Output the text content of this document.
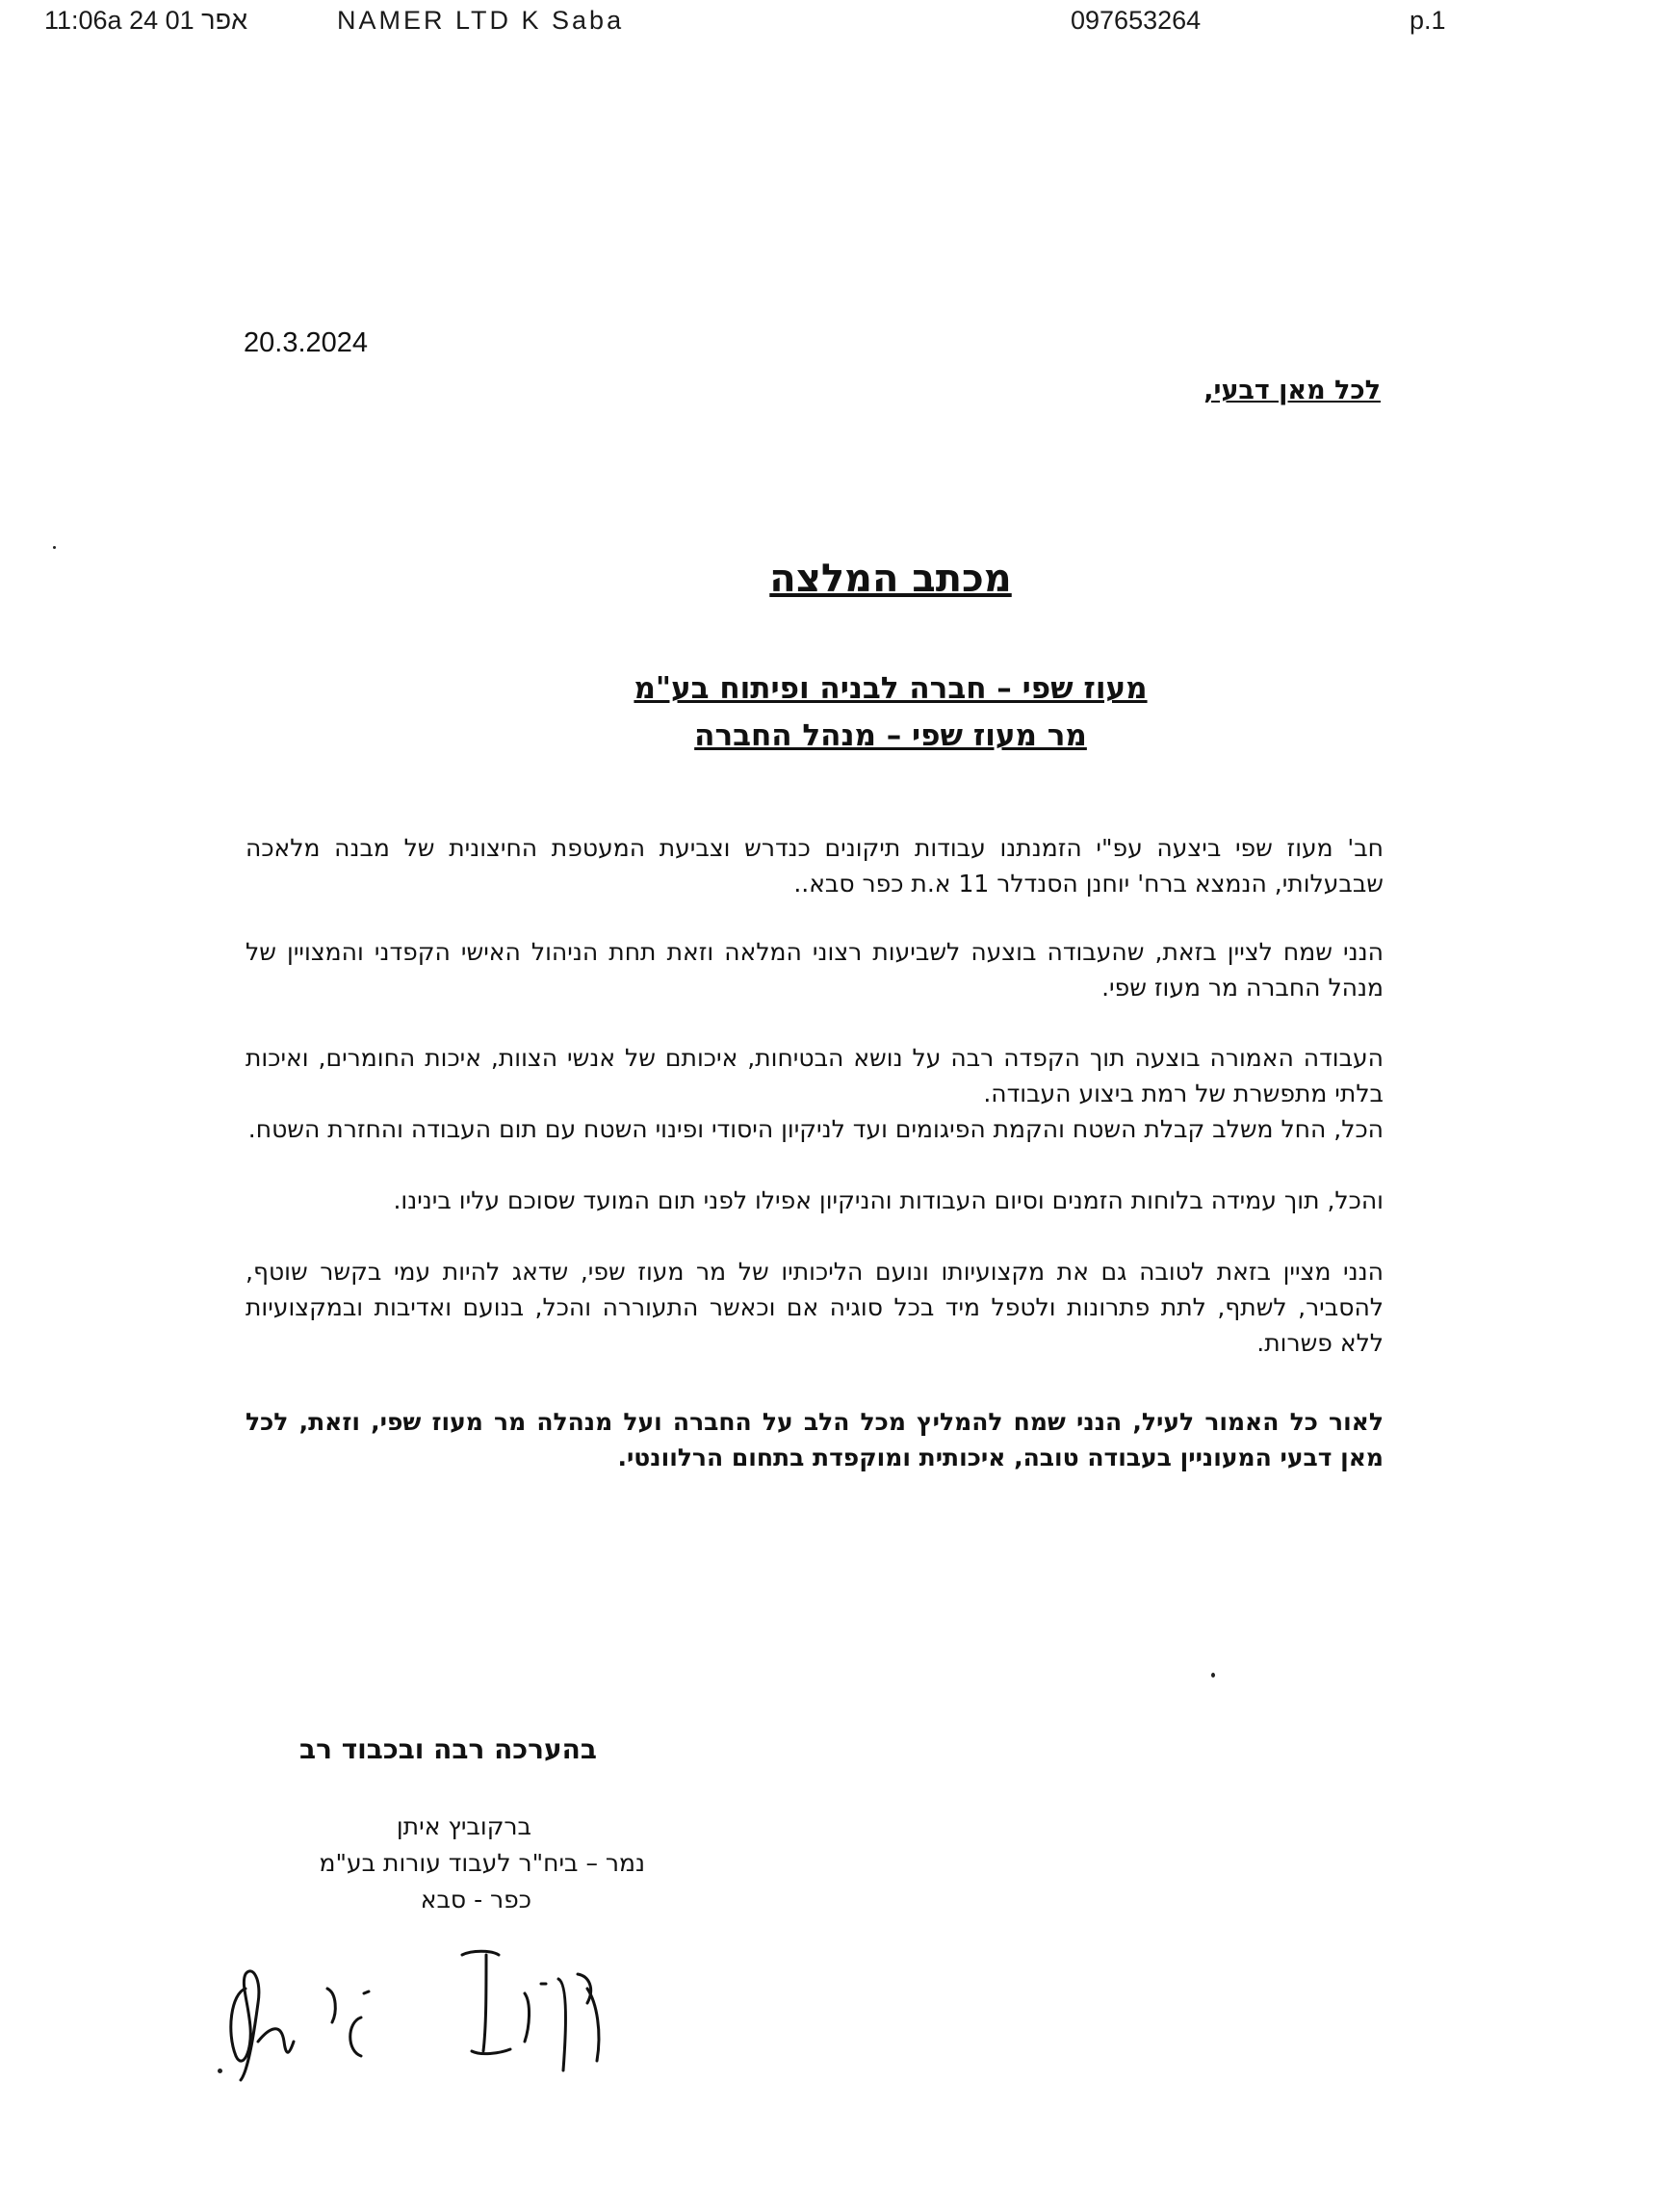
11:06a 24 אפר 01	NAMER LTD K Saba	097653264	p.1
20.3.2024
לכל מאן דבעי,
מכתב המלצה
מעוז שפי – חברה לבניה ופיתוח בע"מ
מר מעוז שפי – מנהל החברה
חב' מעוז שפי ביצעה עפ"י הזמנתנו עבודות תיקונים כנדרש וצביעת המעטפת החיצונית של מבנה מלאכה שבבעלותי, הנמצא ברח' יוחנן הסנדלר 11 א.ת כפר סבא..
הנני שמח לציין בזאת, שהעבודה בוצעה לשביעות רצוני המלאה וזאת תחת הניהול האישי הקפדני והמצויין של מנהל החברה מר מעוז שפי.
העבודה האמורה בוצעה תוך הקפדה רבה על נושא הבטיחות, איכותם של אנשי הצוות, איכות החומרים, ואיכות בלתי מתפשרת של רמת ביצוע העבודה.
הכל, החל משלב קבלת השטח והקמת הפיגומים ועד לניקיון היסודי ופינוי השטח עם תום העבודה והחזרת השטח.
והכל, תוך עמידה בלוחות הזמנים וסיום העבודות והניקיון אפילו לפני תום המועד שסוכם עליו בינינו.
הנני מציין בזאת לטובה גם את מקצועיותו ונועם הליכותיו של מר מעוז שפי, שדאג להיות עמי בקשר שוטף, להסביר, לשתף, לתת פתרונות ולטפל מיד בכל סוגיה אם וכאשר התעוררה והכל, בנועם ואדיבות ובמקצועיות ללא פשרות.
לאור כל האמור לעיל, הנני שמח להמליץ מכל הלב על החברה ועל מנהלה מר מעוז שפי, וזאת, לכל מאן דבעי המעוניין בעבודה טובה, איכותית ומוקפדת בתחום הרלוונטי.
בהערכה רבה ובכבוד רב
ברקוביץ איתן
נמר – ביח"ר לעבוד עורות בע"מ
כפר - סבא
